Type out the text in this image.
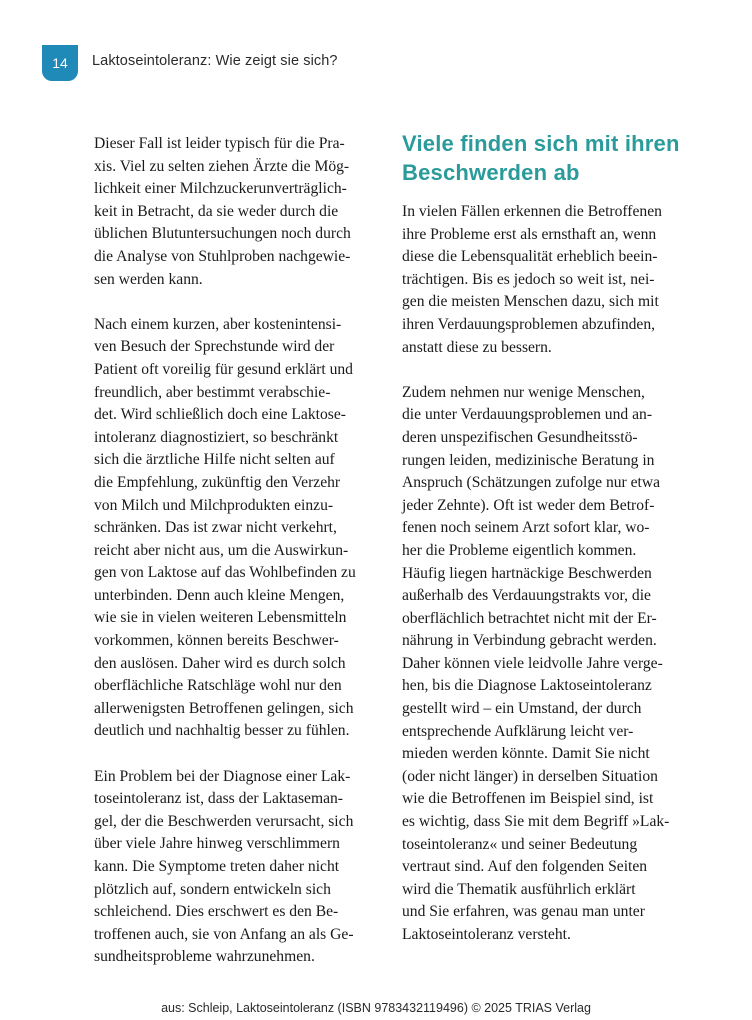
14	Laktoseintoleranz: Wie zeigt sie sich?

Dieser Fall ist leider typisch für die Pra-
xis. Viel zu selten ziehen Ärzte die Mög-
lichkeit einer Milchzuckerunverträglich-
keit in Betracht, da sie weder durch die
üblichen Blutuntersuchungen noch durch
die Analyse von Stuhlproben nachgewie-
sen werden kann.

Nach einem kurzen, aber kostenintensi-
ven Besuch der Sprechstunde wird der
Patient oft voreilig für gesund erklärt und
freundlich, aber bestimmt verabschie-
det. Wird schließlich doch eine Laktose-
intoleranz diagnostiziert, so beschränkt
sich die ärztliche Hilfe nicht selten auf
die Empfehlung, zukünftig den Verzehr
von Milch und Milchprodukten einzu-
schränken. Das ist zwar nicht verkehrt,
reicht aber nicht aus, um die Auswirkun-
gen von Laktose auf das Wohlbefinden zu
unterbinden. Denn auch kleine Mengen,
wie sie in vielen weiteren Lebensmitteln
vorkommen, können bereits Beschwer-
den auslösen. Daher wird es durch solch
oberflächliche Ratschläge wohl nur den
allerwenigsten Betroffenen gelingen, sich
deutlich und nachhaltig besser zu fühlen.

Ein Problem bei der Diagnose einer Lak-
toseintoleranz ist, dass der Laktaseman-
gel, der die Beschwerden verursacht, sich
über viele Jahre hinweg verschlimmern
kann. Die Symptome treten daher nicht
plötzlich auf, sondern entwickeln sich
schleichend. Dies erschwert es den Be-
troffenen auch, sie von Anfang an als Ge-
sundheitsprobleme wahrzunehmen.

Viele finden sich mit ihren
Beschwerden ab

In vielen Fällen erkennen die Betroffenen
ihre Probleme erst als ernsthaft an, wenn
diese die Lebensqualität erheblich beein-
trächtigen. Bis es jedoch so weit ist, nei-
gen die meisten Menschen dazu, sich mit
ihren Verdauungsproblemen abzufinden,
anstatt diese zu bessern.

Zudem nehmen nur wenige Menschen,
die unter Verdauungsproblemen und an-
deren unspezifischen Gesundheitsstö-
rungen leiden, medizinische Beratung in
Anspruch (Schätzungen zufolge nur etwa
jeder Zehnte). Oft ist weder dem Betrof-
fenen noch seinem Arzt sofort klar, wo-
her die Probleme eigentlich kommen.
Häufig liegen hartnäckige Beschwerden
außerhalb des Verdauungstrakts vor, die
oberflächlich betrachtet nicht mit der Er-
nährung in Verbindung gebracht werden.
Daher können viele leidvolle Jahre verge-
hen, bis die Diagnose Laktoseintoleranz
gestellt wird – ein Umstand, der durch
entsprechende Aufklärung leicht ver-
mieden werden könnte. Damit Sie nicht
(oder nicht länger) in derselben Situation
wie die Betroffenen im Beispiel sind, ist
es wichtig, dass Sie mit dem Begriff »Lak-
toseintoleranz« und seiner Bedeutung
vertraut sind. Auf den folgenden Seiten
wird die Thematik ausführlich erklärt
und Sie erfahren, was genau man unter
Laktoseintoleranz versteht.

aus: Schleip, Laktoseintoleranz (ISBN 9783432119496) © 2025 TRIAS Verlag
